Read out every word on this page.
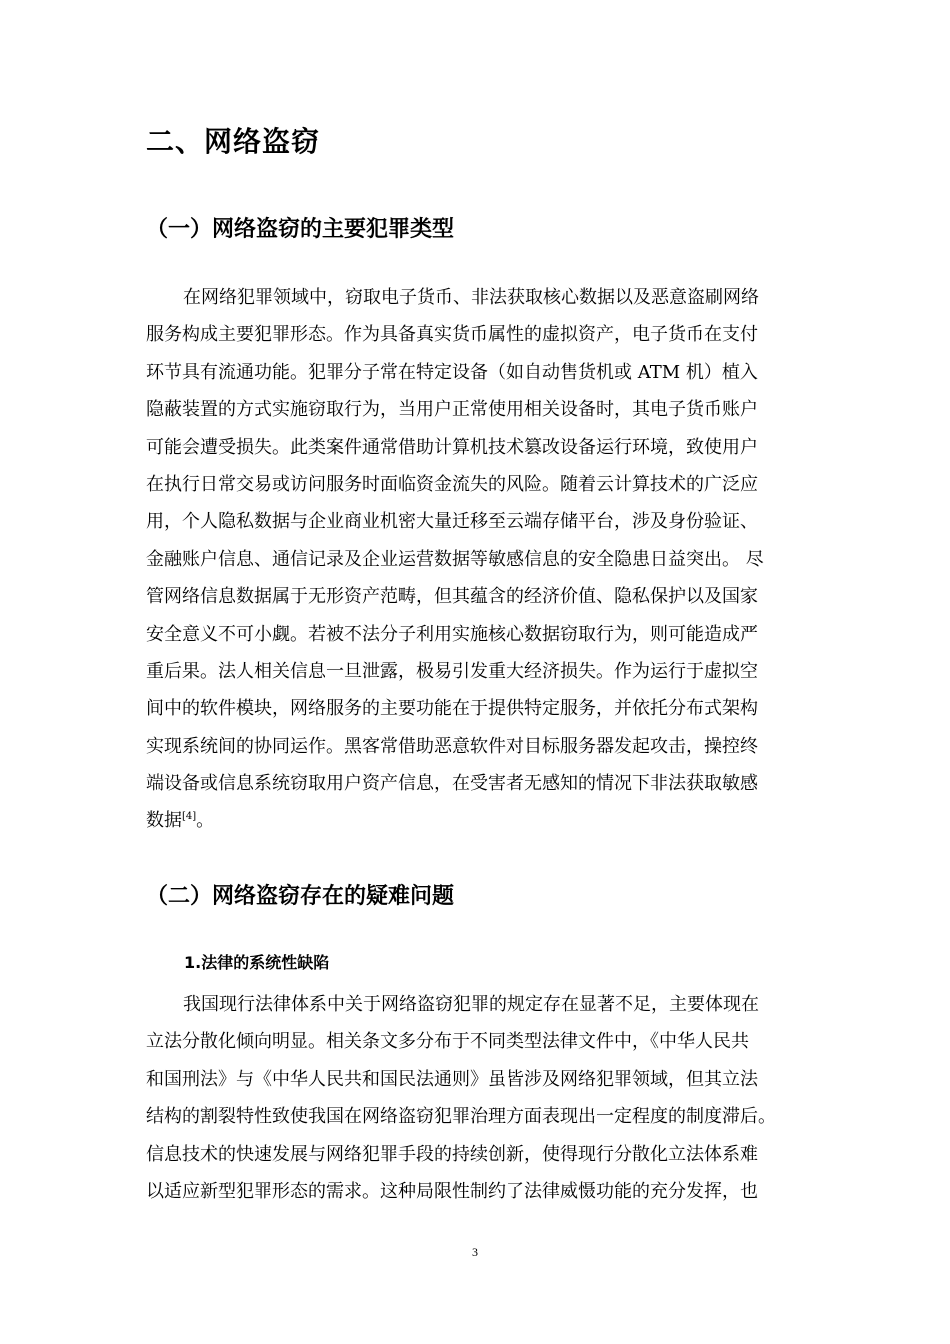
二、网络盗窃
（一）网络盗窃的主要犯罪类型
在网络犯罪领域中，窃取电子货币、非法获取核心数据以及恶意盗刷网络
服务构成主要犯罪形态。作为具备真实货币属性的虚拟资产，电子货币在支付
环节具有流通功能。犯罪分子常在特定设备（如自动售货机或 ATM 机）植入
隐蔽装置的方式实施窃取行为，当用户正常使用相关设备时，其电子货币账户
可能会遭受损失。此类案件通常借助计算机技术篡改设备运行环境，致使用户
在执行日常交易或访问服务时面临资金流失的风险。随着云计算技术的广泛应
用，个人隐私数据与企业商业机密大量迁移至云端存储平台，涉及身份验证、
金融账户信息、通信记录及企业运营数据等敏感信息的安全隐患日益突出。 尽
管网络信息数据属于无形资产范畴，但其蕴含的经济价值、隐私保护以及国家
安全意义不可小觑。若被不法分子利用实施核心数据窃取行为，则可能造成严
重后果。法人相关信息一旦泄露，极易引发重大经济损失。作为运行于虚拟空
间中的软件模块，网络服务的主要功能在于提供特定服务，并依托分布式架构
实现系统间的协同运作。黑客常借助恶意软件对目标服务器发起攻击，操控终
端设备或信息系统窃取用户资产信息，在受害者无感知的情况下非法获取敏感
数据[4]。
（二）网络盗窃存在的疑难问题
1.法律的系统性缺陷
我国现行法律体系中关于网络盗窃犯罪的规定存在显著不足，主要体现在
立法分散化倾向明显。相关条文多分布于不同类型法律文件中，《中华人民共
和国刑法》与《中华人民共和国民法通则》虽皆涉及网络犯罪领域，但其立法
结构的割裂特性致使我国在网络盗窃犯罪治理方面表现出一定程度的制度滞后。
信息技术的快速发展与网络犯罪手段的持续创新，使得现行分散化立法体系难
以适应新型犯罪形态的需求。这种局限性制约了法律威慑功能的充分发挥，也
3
